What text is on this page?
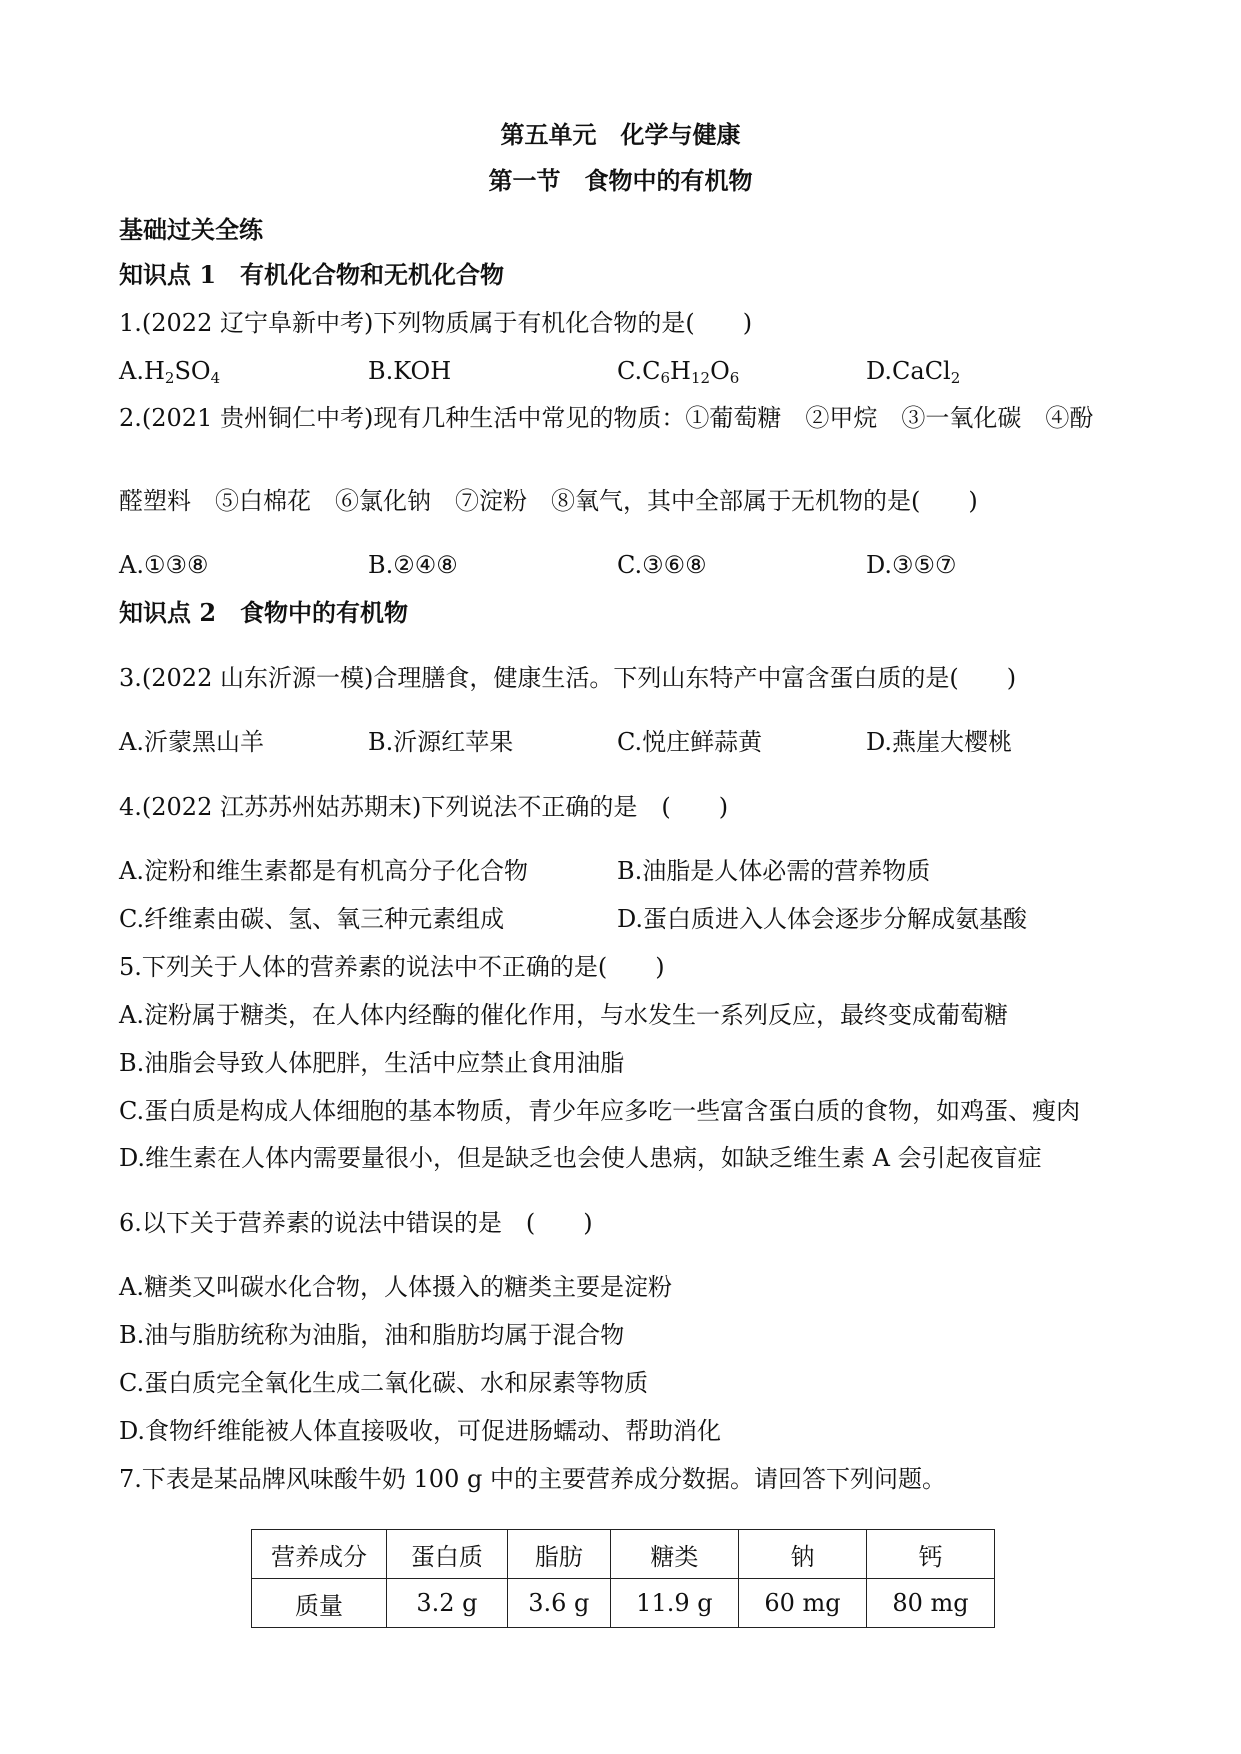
第五单元　化学与健康
第一节　食物中的有机物
基础过关全练
知识点 1　有机化合物和无机化合物
1.(2022 辽宁阜新中考)下列物质属于有机化合物的是(　　)
$A.H_2SO_4$	B.KOH	$C.C_6H_{12}O_6$	D.CaCl$_2$
2.(2021 贵州铜仁中考)现有几种生活中常见的物质：①葡萄糖　②甲烷　③一氧化碳　④酚
醛塑料　⑤白棉花　⑥氯化钠　⑦淀粉　⑧氧气，其中全部属于无机物的是(　　)
A.①③⑧	B.②④⑧	C.③⑥⑧	D.③⑤⑦
知识点 2　食物中的有机物
3.(2022 山东沂源一模)合理膳食，健康生活。下列山东特产中富含蛋白质的是(　　)
A.沂蒙黑山羊	B.沂源红苹果	C.悦庄鲜蒜黄	D.燕崖大樱桃
4.(2022 江苏苏州姑苏期末)下列说法不正确的是　(　　)
A.淀粉和维生素都是有机高分子化合物	B.油脂是人体必需的营养物质
C.纤维素由碳、氢、氧三种元素组成	D.蛋白质进入人体会逐步分解成氨基酸
5.下列关于人体的营养素的说法中不正确的是(　　)
A.淀粉属于糖类，在人体内经酶的催化作用，与水发生一系列反应，最终变成葡萄糖
B.油脂会导致人体肥胖，生活中应禁止食用油脂
C.蛋白质是构成人体细胞的基本物质，青少年应多吃一些富含蛋白质的食物，如鸡蛋、瘦肉
D.维生素在人体内需要量很小，但是缺乏也会使人患病，如缺乏维生素 A 会引起夜盲症
6.以下关于营养素的说法中错误的是　(　　)
A.糖类又叫碳水化合物，人体摄入的糖类主要是淀粉
B.油与脂肪统称为油脂，油和脂肪均属于混合物
C.蛋白质完全氧化生成二氧化碳、水和尿素等物质
D.食物纤维能被人体直接吸收，可促进肠蠕动、帮助消化
7.下表是某品牌风味酸牛奶 100 g 中的主要营养成分数据。请回答下列问题。
营养成分	蛋白质	脂肪	糖类	钠	钙
质量	3.2 g	3.6 g	11.9 g	60 mg	80 mg
